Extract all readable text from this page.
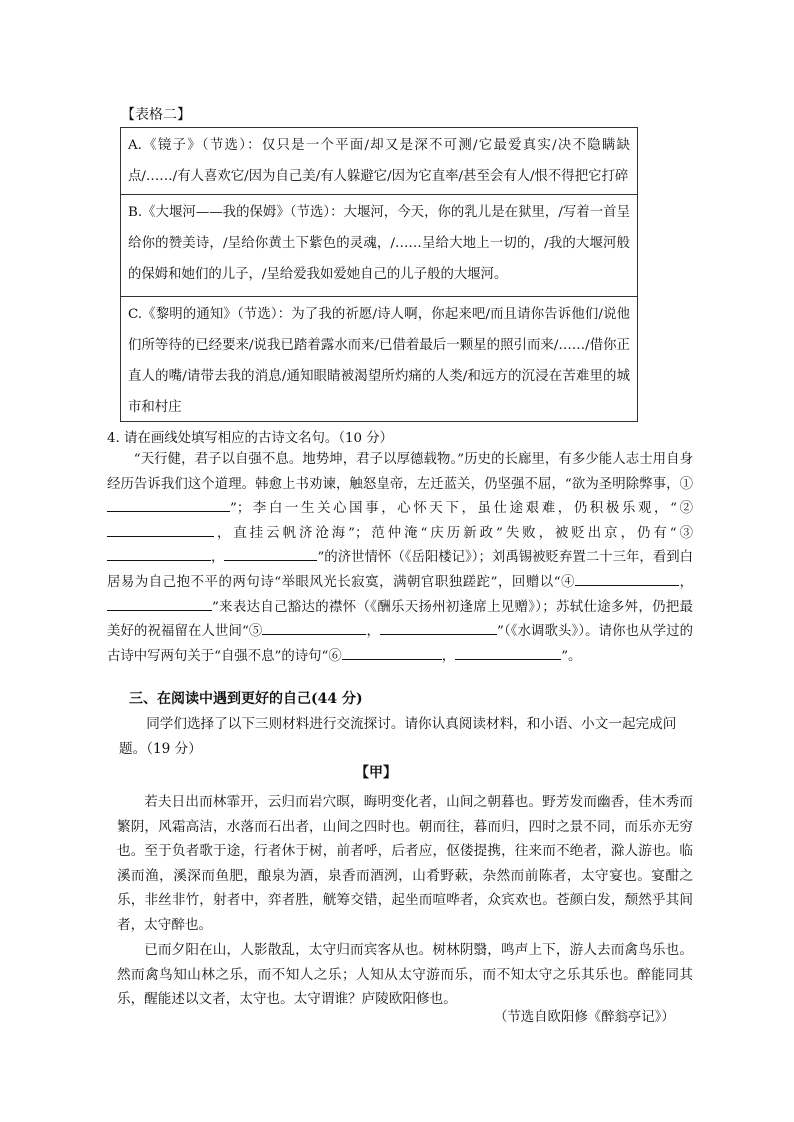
【表格二】
A.《镜子》（节选）：仅只是一个平面/却又是深不可测/它最爱真实/决不隐瞒缺点/……/有人喜欢它/因为自己美/有人躲避它/因为它直率/甚至会有人/恨不得把它打碎
B.《大堰河——我的保姆》（节选）：大堰河，今天，你的乳儿是在狱里，/写着一首呈给你的赞美诗，/呈给你黄土下紫色的灵魂，/……呈给大地上一切的，/我的大堰河般的保姆和她们的儿子，/呈给爱我如爱她自己的儿子般的大堰河。
C.《黎明的通知》（节选）：为了我的祈愿/诗人啊，你起来吧/而且请你告诉他们/说他们所等待的已经要来/说我已踏着露水而来/已借着最后一颗星的照引而来/……/借你正直人的嘴/请带去我的消息/通知眼睛被渴望所灼痛的人类/和远方的沉浸在苦难里的城市和村庄
4. 请在画线处填写相应的古诗文名句。（10 分）
“天行健，君子以自强不息。地势坤，君子以厚德载物。”历史的长廊里，有多少能人志士用自身经历告诉我们这个道理。韩愈上书劝谏，触怒皇帝，左迁蓝关，仍坚强不屈，“欲为圣明除弊事，①”；李白一生关心国事，心怀天下，虽仕途艰难，仍积极乐观，“②，直挂云帆济沧海”；范仲淹“庆历新政”失败，被贬出京，仍有“③，	”的济世情怀（《岳阳楼记》）；刘禹锡被贬弃置二十三年，看到白居易为自己抱不平的两句诗“举眼风光长寂寞，满朝官职独蹉跎”，回赠以“④	，”来表达自己豁达的襟怀（《酬乐天扬州初逢席上见赠》）；苏轼仕途多舛，仍把最美好的祝福留在人世间“⑤	，	”（《水调歌头》）。请你也从学过的古诗中写两句关于“自强不息”的诗句“⑥	，	”。
三、在阅读中遇到更好的自己(44 分)
同学们选择了以下三则材料进行交流探讨。请你认真阅读材料，和小语、小文一起完成问题。（19 分）
【甲】
若夫日出而林霏开，云归而岩穴暝，晦明变化者，山间之朝暮也。野芳发而幽香，佳木秀而繁阴，风霜高洁，水落而石出者，山间之四时也。朝而往，暮而归，四时之景不同，而乐亦无穷也。至于负者歌于途，行者休于树，前者呼，后者应，伛偻提携，往来而不绝者，滁人游也。临溪而渔，溪深而鱼肥，酿泉为酒，泉香而酒洌，山肴野蔌，杂然而前陈者，太守宴也。宴酣之乐，非丝非竹，射者中，弈者胜，觥筹交错，起坐而喧哗者，众宾欢也。苍颜白发，颓然乎其间者，太守醉也。
已而夕阳在山，人影散乱，太守归而宾客从也。树林阴翳，鸣声上下，游人去而禽鸟乐也。然而禽鸟知山林之乐，而不知人之乐；人知从太守游而乐，而不知太守之乐其乐也。醉能同其乐，醒能述以文者，太守也。太守谓谁？庐陵欧阳修也。
（节选自欧阳修《醉翁亭记》）
